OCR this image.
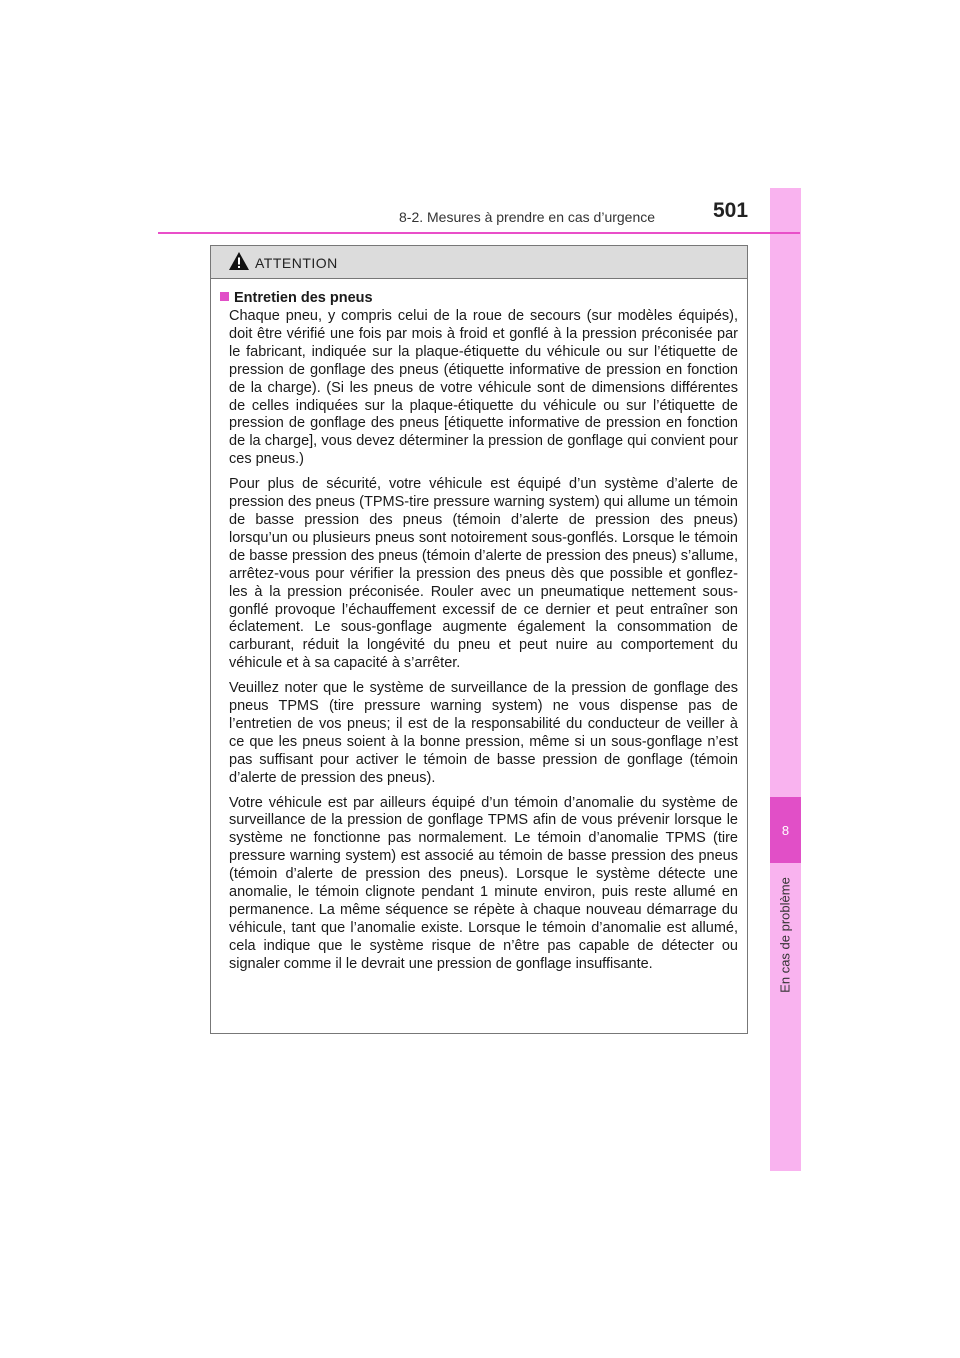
8
En cas de problème
8-2. Mesures à prendre en cas d’urgence	501
ATTENTION
Entretien des pneus

Chaque pneu, y compris celui de la roue de secours (sur modèles équipés), doit être vérifié une fois par mois à froid et gonflé à la pression préconisée par le fabricant, indiquée sur la plaque-étiquette du véhicule ou sur l’étiquette de pression de gonflage des pneus (étiquette informative de pression en fonction de la charge). (Si les pneus de votre véhicule sont de dimensions différentes de celles indiquées sur la plaque-étiquette du véhicule ou sur l’étiquette de pression de gonflage des pneus [étiquette informative de pression en fonction de la charge], vous devez déterminer la pression de gonflage qui convient pour ces pneus.)

Pour plus de sécurité, votre véhicule est équipé d’un système d’alerte de pression des pneus (TPMS-tire pressure warning system) qui allume un témoin de basse pression des pneus (témoin d’alerte de pression des pneus) lorsqu’un ou plusieurs pneus sont notoirement sous-gonflés. Lorsque le témoin de basse pression des pneus (témoin d’alerte de pression des pneus) s’allume, arrêtez-vous pour vérifier la pression des pneus dès que possible et gonflez-les à la pression préconisée. Rouler avec un pneumatique nettement sous-gonflé provoque l’échauffement excessif de ce dernier et peut entraîner son éclatement. Le sous-gonflage augmente également la consommation de carburant, réduit la longévité du pneu et peut nuire au comportement du véhicule et à sa capacité à s’arrêter.

Veuillez noter que le système de surveillance de la pression de gonflage des pneus TPMS (tire pressure warning system) ne vous dispense pas de l’entretien de vos pneus; il est de la responsabilité du conducteur de veiller à ce que les pneus soient à la bonne pression, même si un sous-gonflage n’est pas suffisant pour activer le témoin de basse pression de gonflage (témoin d’alerte de pression des pneus).

Votre véhicule est par ailleurs équipé d’un témoin d’anomalie du système de surveillance de la pression de gonflage TPMS afin de vous prévenir lorsque le système ne fonctionne pas normalement. Le témoin d’anomalie TPMS (tire pressure warning system) est associé au témoin de basse pression des pneus (témoin d’alerte de pression des pneus). Lorsque le système détecte une anomalie, le témoin clignote pendant 1 minute environ, puis reste allumé en permanence. La même séquence se répète à chaque nouveau démarrage du véhicule, tant que l’anomalie existe. Lorsque le témoin d’anomalie est allumé, cela indique que le système risque de n’être pas capable de détecter ou signaler comme il le devrait une pression de gonflage insuffisante.
